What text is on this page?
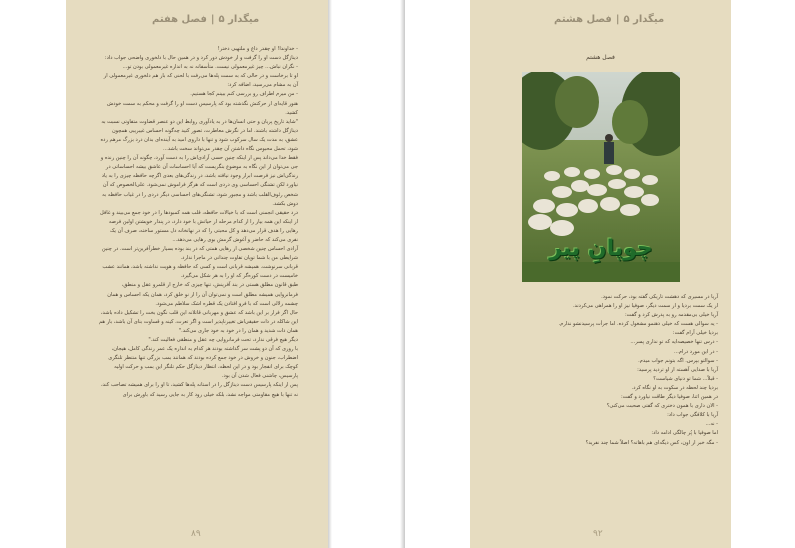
میگدار ۵|فصل هفتم

- خداوندا! او چقدر داغ و ملتهبی دختر!

دیناژگل دست او را گرفت و از خودش دور کرد و در همین حال با دلخوری واضحی جواب داد:

- نگران نباش... چیز غیرمعمولی نیست. متأسفانه نه به اندازه غیرمعمولی بودن تو...

او تا برخاست و در حالی که به سمت پله‌ها می‌رفت با لحنی که باز هم دلخوری غیرمعمولی از آن به مشام می‌رسید، اضافه کرد:

- من میرم اطراف رو بررسی کنم ببینم کجا هستیم.

هنوز قایه‌ای از حرکتش نگذشته بود که پارسیس دست او را گرفت و محکم به سمت خودش کشید.

"شاید تاریخ پریان و حتی انسان‌ها در به یادآوری روابط این دو عنصر قضاوت متفاوتی نسبت به دیناژگل داشته باشند. اما در نگرش معاطرت، تصور کنید چه‌گونه احساس غیبریبی همچون عشق، به مدت یک سال سرکوب شود و تنها با داروی امید به آینده‌ای بدان درد بزرگ مرهم زده شود، تحمل محبوس نگاه داشتن آن چقدر می‌تواند سخت باشد...

فقط خدا می‌داند پس از اینکه چنین حسی آزادی‌اش را به دست آورد، چگونه آن را چنین زنده و جی می‌توان از این نگاه به موضوع بنگریست که آیا احساسات آن عاشق بیشه احساساتی در زندگی‌اش نیز فرصت ابراز وجود نیافته باشد، در زندگی‌های بعدی اگرچه حافظه چیزی را به یاد نیاورد لکن تشنگی احساسی وی دردی است که هرگز فراموش نمی‌شود. علی‌الخصوص که آن شخص رئوف‌القلب باشد و مجبور شود، تشنگی‌های احساسی دیگر دردی را در غیاب حافظه به دوش بکشد.

درد حقیقی انجمنی است که با خیالات حافظه، قلب همه کمبودها را در خود جمع می‌بیند و غافل از اینکه این همه بیاز را از کدام مرحله از حیاتش با خود دارد، در پندار خویشتن اولین فرصه رهایی را هدف قرار می‌دهد و کل محبتی را که در نهانخانه دل مستور ساخته، صرف آن یک نفری می‌کند که حاضر و آغوش گرمش بوی رهایی می‌دهد...

آزادی احساس چنین شخصی از رهایی همتی که در بند بوده بسیار خطرآفرین‌تر است. در چنین شرایطی من با شما توپان تفاوت چندانی در ماجرا ندارد.

قربانی سرنوشت. همیشه قربانی است و کسی که حافظه و هویت نداشته باشد، همانند عشب خامیست در دست کوزه‌گر که او را به هر شکل می‌گیرد.

طبق قانون مطلق هستی در بند آفرینش، تنها چیزی که خارج از قلمرو عقل و منطق، فرمانروایی همیشه مطلق است و نمی‌توان آن را از نو خلق کرد، همان یکه احساس و همان چشمه زلالی است که با فرو افتادن یک قطره اشک سلاطم می‌شود.

حال اگر فرار بر این باشد که عشق و مهربانی قاتلانه این قلب نگون بخت را تشکیل داده باشد، این شاکله در ذات حقیقی‌اش تغییرناپذیر است و اگر تعرت، کینه و قساوت بنای آن باشد، باز هم همان ذات شدید و همان را در خود به خود جاری می‌کند."

دیگر هیچ فرقی ندارد، تحت فرمانروایی چه عقل و منطقی فعالیت کند."

با روزی که آن دو پشت سر گذاشته بودند هر کدام به اندازه یک عمر زندگی کامل، هیجان، اضطراب، جنون و خروش در خود جمع کرده بودند که همانند بمب بزرگی تنها منتظر تلنگری کوچک برای انفجار بود و در این لحظه، انتظار دیناژگل حکم تلنگر این بمب و حرکت اولیه پارسیس، چاشنی فعال شدن آن بود.

پس از اینکه پارسیس دست دیناژگل را در استانه پله‌ها کشید، تا او را برای همیشه تصاحب کند، نه تنها با هیچ مقاومتی مواجه نشد، بلکه خیلی زود کار به جایی رسید که باورش برای

۸۹
میگدار ۵|فصل هشتم
فصل هشتم
چوپانِ پیر

آریا در مسیری که دهشت تاریکی گفته بود، حرکت نمود.

از یک سمت بردیا و از سمت دیگر، صوفیا نیز او را همراهی می‌کردند.

آریا خیلی بی‌مقدمه رو به پدرش کرد و گفت:

- یه سوالی هست که خیلی ذهنمو مشغول کرده. اما جرأت پرسیدنشو ندارم.

بردیا خیلی آرام گفت:

- درس تنها خصیصه‌ایه که تو نداری پسر...

- در این مورد درام...

- سوالتو بپرس. اگه بتونم جواب میدم.

آریا با صدایی آهسته از او تردید پرسید:

- قبلاً... شما تو دنیای شیاست؟

بردیا چند لحظه در سکوت به او نگاه کرد.

در همین اثنا، صوفیا دیگر طاقت نیاورد و گفت:

- الان داری با همون دختری که گفتی صحبت می‌کنی؟

آریا با کلافگی جواب داد:

- نه...

اما صوفیا با پُر چالگی ادامه داد:

- مگه خبر از اون، کس دیگه‌ای هم باهاته؟ اصلاً شما چند نفرید؟

۹۲
